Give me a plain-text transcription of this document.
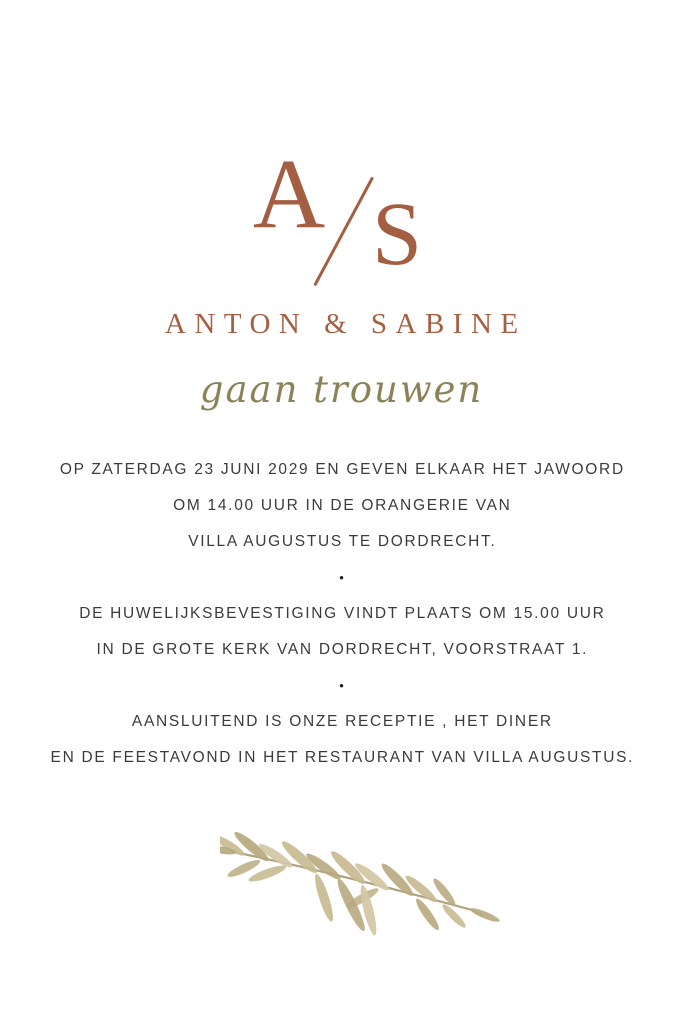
A S
ANTON & SABINE
gaan trouwen
OP ZATERDAG 23 JUNI 2029 EN GEVEN ELKAAR HET JAWOORD
OM 14.00 UUR IN DE ORANGERIE VAN
VILLA AUGUSTUS TE DORDRECHT.
•
DE HUWELIJKSBEVESTIGING VINDT PLAATS OM 15.00 UUR
IN DE GROTE KERK VAN DORDRECHT, VOORSTRAAT 1.
•
AANSLUITEND IS ONZE RECEPTIE , HET DINER
EN DE FEESTAVOND IN HET RESTAURANT VAN VILLA AUGUSTUS.
